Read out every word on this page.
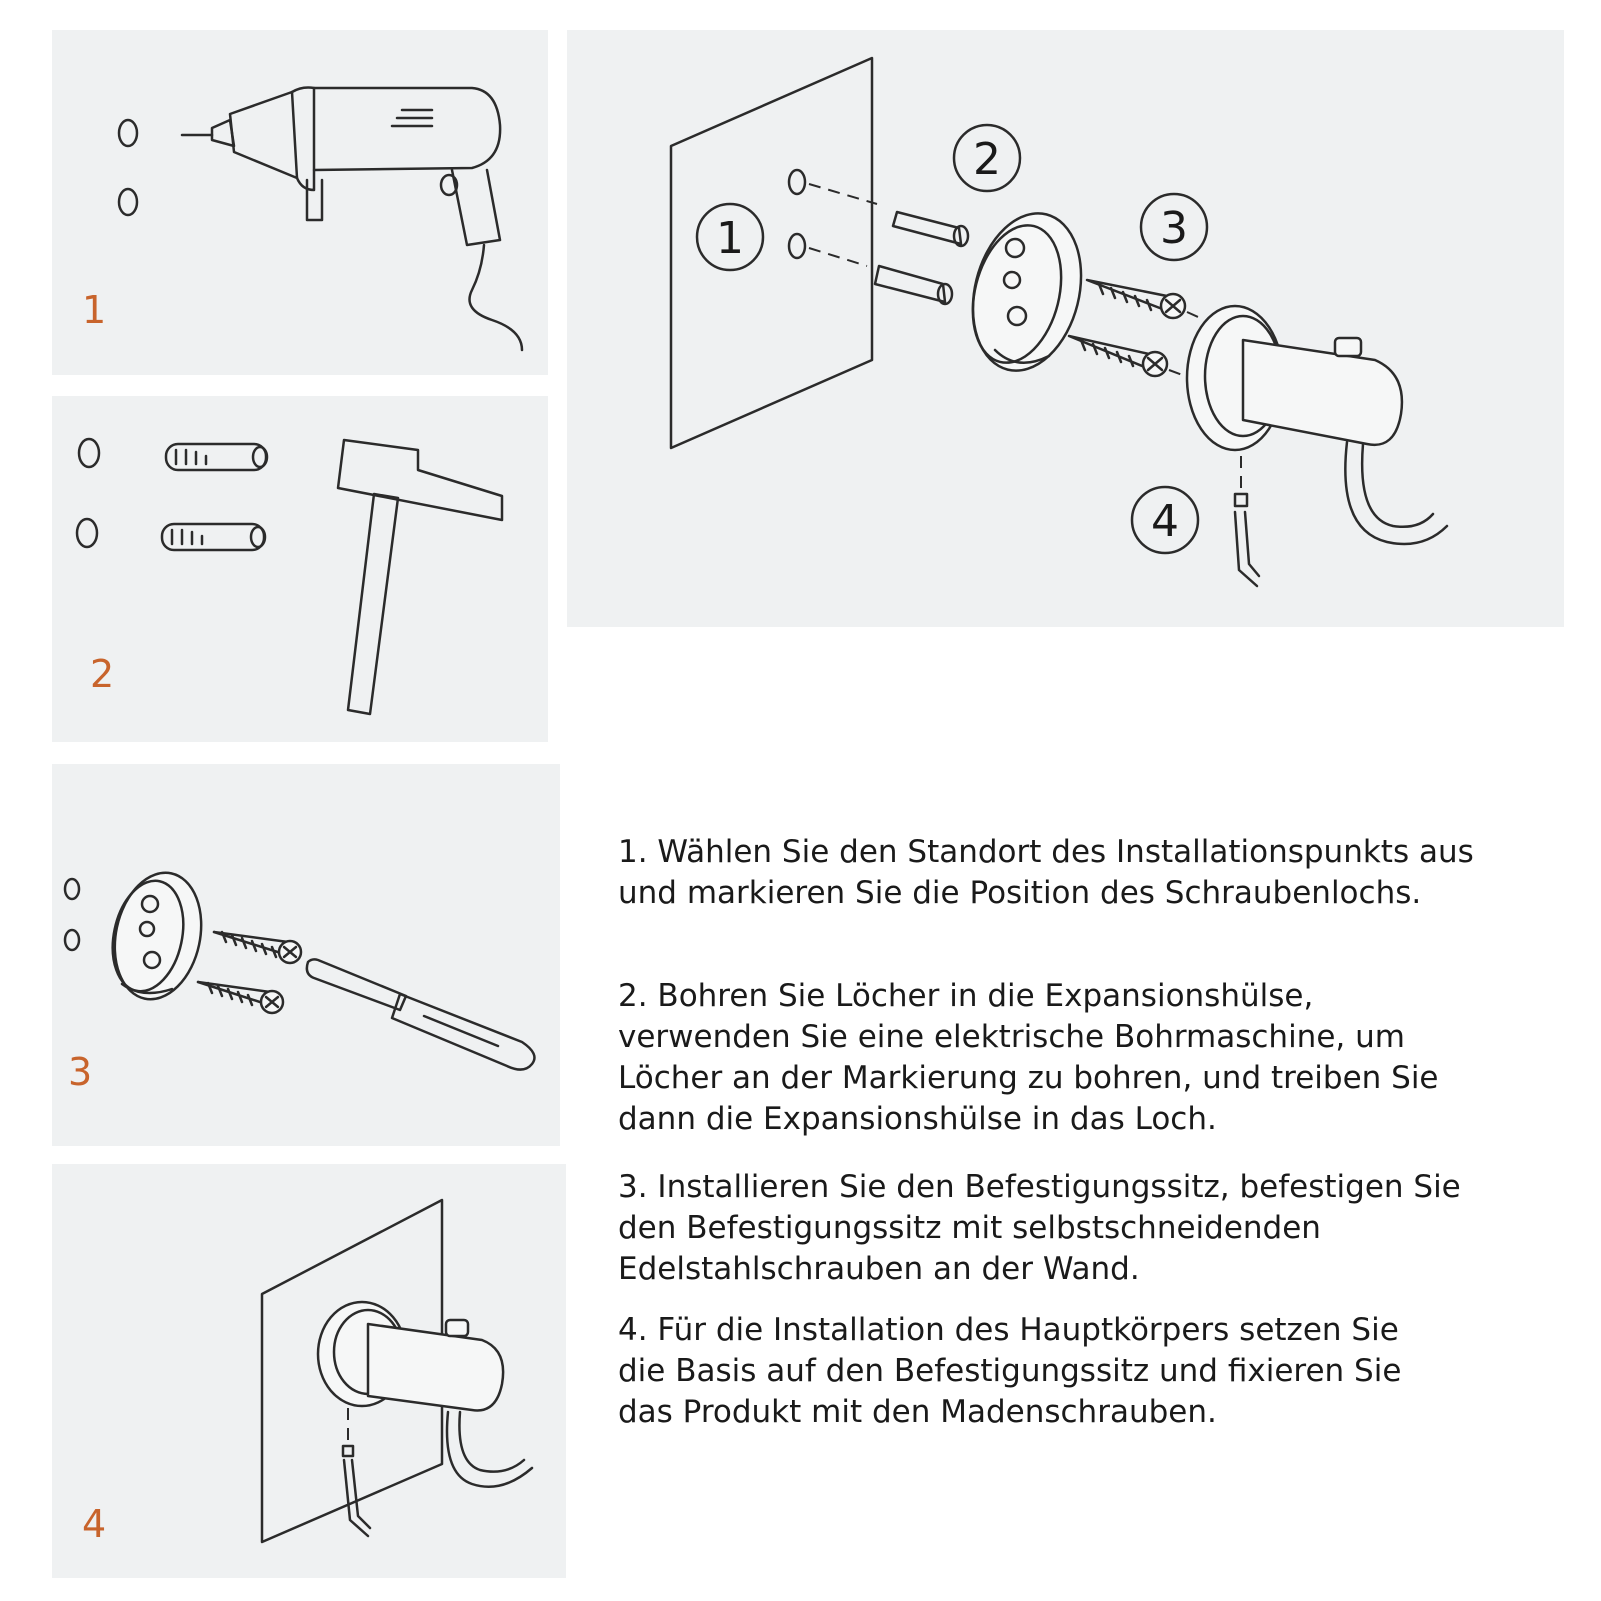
1
2
3
4
1
2
3
4

1. Wählen Sie den Standort des Installationspunkts aus
und markieren Sie die Position des Schraubenlochs.

2. Bohren Sie Löcher in die Expansionshülse,
verwenden Sie eine elektrische Bohrmaschine, um
Löcher an der Markierung zu bohren, und treiben Sie
dann die Expansionshülse in das Loch.

3. Installieren Sie den Befestigungssitz, befestigen Sie
den Befestigungssitz mit selbstschneidenden
Edelstahlschrauben an der Wand.

4. Für die Installation des Hauptkörpers setzen Sie
die Basis auf den Befestigungssitz und fixieren Sie
das Produkt mit den Madenschrauben.
